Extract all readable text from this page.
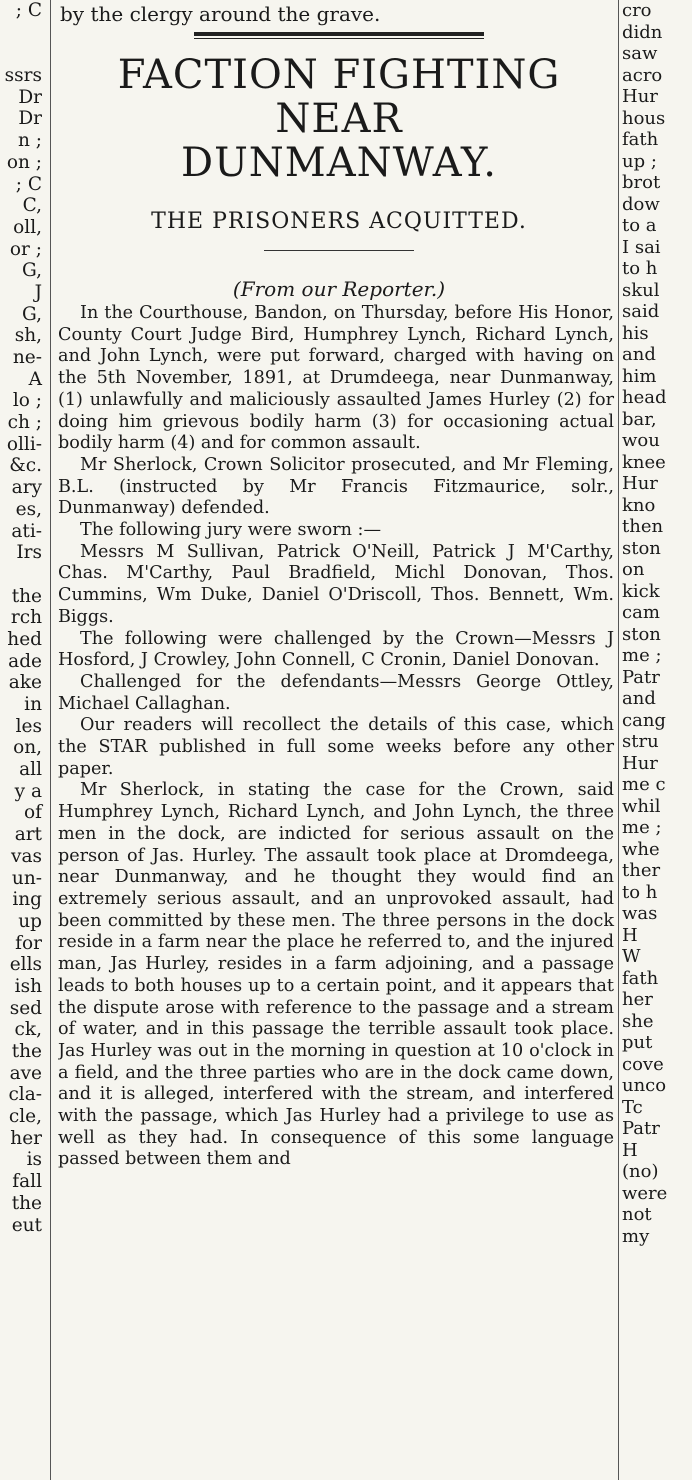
; C
ssrs
Dr
Dr
n ;
on ;
; C
C,
oll,
or ;
G,
J
G,
sh,
ne-
A
lo ;
ch ;
olli-
&c.
ary
es,
ati-
Irs
the
rch
hed
ade
ake
in
les
on,
all
y a
of
art
vas
un-
ing
up
for
ells
ish
sed
ck,
the
ave
cla-
cle,
her
is
fall
the
eut
by the clergy around the grave.
FACTION FIGHTING NEAR
DUNMANWAY.
THE PRISONERS ACQUITTED.
(From our Reporter.)

In the Courthouse, Bandon, on Thursday, before His Honor, County Court Judge Bird, Humphrey Lynch, Richard Lynch, and John Lynch, were put forward, charged with having on the 5th November, 1891, at Drumdeega, near Dunmanway, (1) unlawfully and maliciously assaulted James Hurley (2) for doing him grievous bodily harm (3) for occasioning actual bodily harm (4) and for common assault.

Mr Sherlock, Crown Solicitor prosecuted, and Mr Fleming, B.L. (instructed by Mr Francis Fitzmaurice, solr., Dunmanway) defended.

The following jury were sworn :—

Messrs M Sullivan, Patrick O'Neill, Patrick J M'Carthy, Chas. M'Carthy, Paul Bradfield, Michl Donovan, Thos. Cummins, Wm Duke, Daniel O'Driscoll, Thos. Bennett, Wm. Biggs.

The following were challenged by the Crown—Messrs J Hosford, J Crowley, John Connell, C Cronin, Daniel Donovan.

Challenged for the defendants—Messrs George Ottley, Michael Callaghan.

Our readers will recollect the details of this case, which the STAR published in full some weeks before any other paper.

Mr Sherlock, in stating the case for the Crown, said Humphrey Lynch, Richard Lynch, and John Lynch, the three men in the dock, are indicted for serious assault on the person of Jas. Hurley. The assault took place at Dromdeega, near Dunmanway, and he thought they would find an extremely serious assault, and an unprovoked assault, had been committed by these men. The three persons in the dock reside in a farm near the place he referred to, and the injured man, Jas Hurley, resides in a farm adjoining, and a passage leads to both houses up to a certain point, and it appears that the dispute arose with reference to the passage and a stream of water, and in this passage the terrible assault took place. Jas Hurley was out in the morning in question at 10 o'clock in a field, and the three parties who are in the dock came down, and it is alleged, interfered with the stream, and interfered with the passage, which Jas Hurley had a privilege to use as well as they had. In consequence of this some language passed between them and

cro
didn
saw
acro
Hur
hous
fath
up ;
brot
dow
to a
I sai
to h
skul
said
his
and
him
head
bar,
wou
knee
Hur
kno
then
ston
on
kick
cam
ston
me ;
Patr
and
cang
stru
Hur
me c
whil
me ;
whe
ther
to h
was
H
W
fath
her
she
put
cove
unco
Tc
Patr
H
(no)
were
not
my
